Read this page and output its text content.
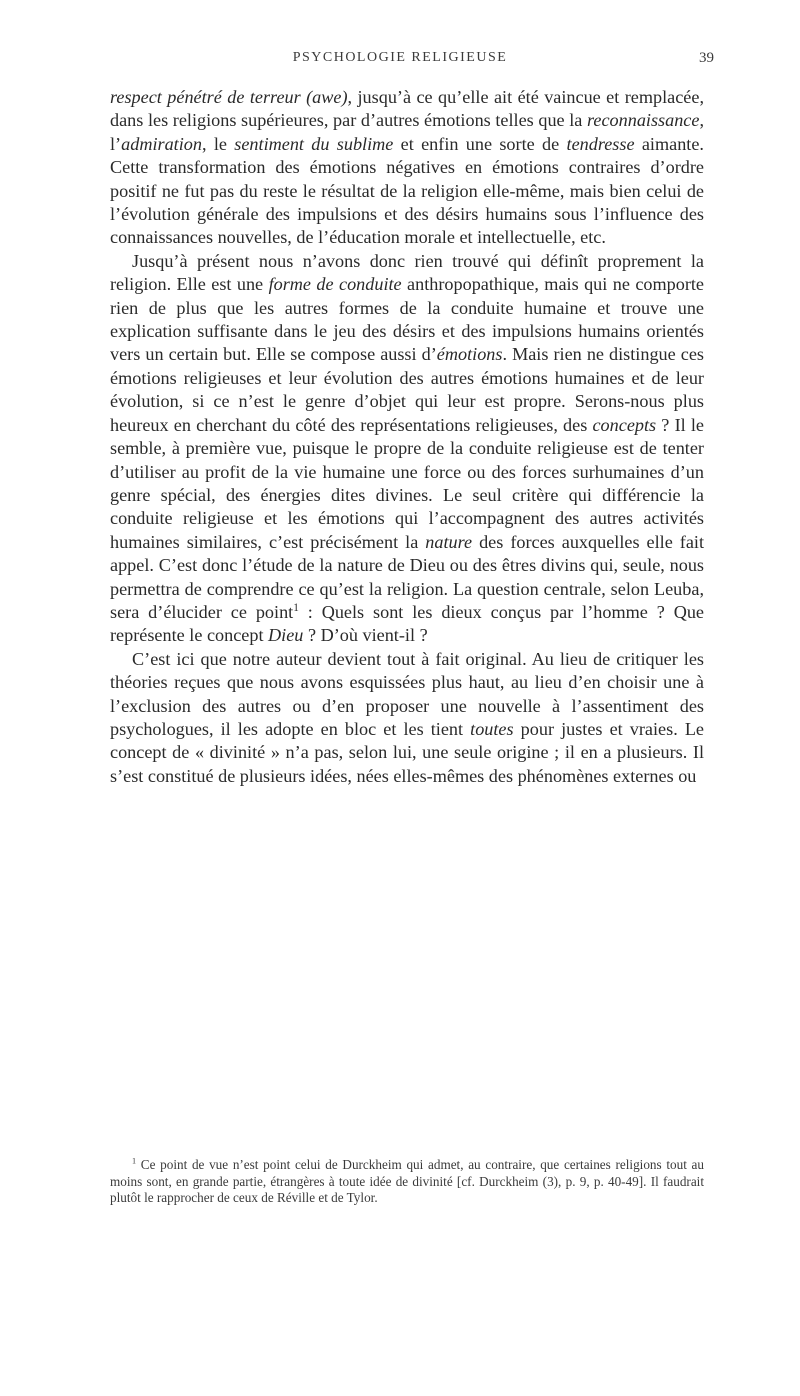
PSYCHOLOGIE RELIGIEUSE	39

respect pénétré de terreur (awe), jusqu’à ce qu’elle ait été vaincue et remplacée, dans les religions supérieures, par d’autres émotions telles que la reconnaissance, l’admiration, le sentiment du sublime et enfin une sorte de tendresse aimante. Cette transformation des émotions négatives en émotions contraires d’ordre positif ne fut pas du reste le résultat de la religion elle-même, mais bien celui de l’évolution générale des impulsions et des désirs humains sous l’influence des connaissances nouvelles, de l’éducation morale et intellectuelle, etc.

Jusqu’à présent nous n’avons donc rien trouvé qui définît proprement la religion. Elle est une forme de conduite anthropopathique, mais qui ne comporte rien de plus que les autres formes de la conduite humaine et trouve une explication suffisante dans le jeu des désirs et des impulsions humains orientés vers un certain but. Elle se compose aussi d’émotions. Mais rien ne distingue ces émotions religieuses et leur évolution des autres émotions humaines et de leur évolution, si ce n’est le genre d’objet qui leur est propre. Serons-nous plus heureux en cherchant du côté des représentations religieuses, des concepts ? Il le semble, à première vue, puisque le propre de la conduite religieuse est de tenter d’utiliser au profit de la vie humaine une force ou des forces surhumaines d’un genre spécial, des énergies dites divines. Le seul critère qui différencie la conduite religieuse et les émotions qui l’accompagnent des autres activités humaines similaires, c’est précisément la nature des forces auxquelles elle fait appel. C’est donc l’étude de la nature de Dieu ou des êtres divins qui, seule, nous permettra de comprendre ce qu’est la religion. La question centrale, selon Leuba, sera d’élucider ce point$^1$ : Quels sont les dieux conçus par l’homme ? Que représente le concept Dieu ? D’où vient-il ?

C’est ici que notre auteur devient tout à fait original. Au lieu de critiquer les théories reçues que nous avons esquissées plus haut, au lieu d’en choisir une à l’exclusion des autres ou d’en proposer une nouvelle à l’assentiment des psychologues, il les adopte en bloc et les tient toutes pour justes et vraies. Le concept de « divinité » n’a pas, selon lui, une seule origine ; il en a plusieurs. Il s’est constitué de plusieurs idées, nées elles-mêmes des phénomènes externes ou

$^1$ Ce point de vue n’est point celui de Durckheim qui admet, au contraire, que certaines religions tout au moins sont, en grande partie, étrangères à toute idée de divinité [cf. Durckheim (3), p. 9, p. 40-49]. Il faudrait plutôt le rapprocher de ceux de Réville et de Tylor.
